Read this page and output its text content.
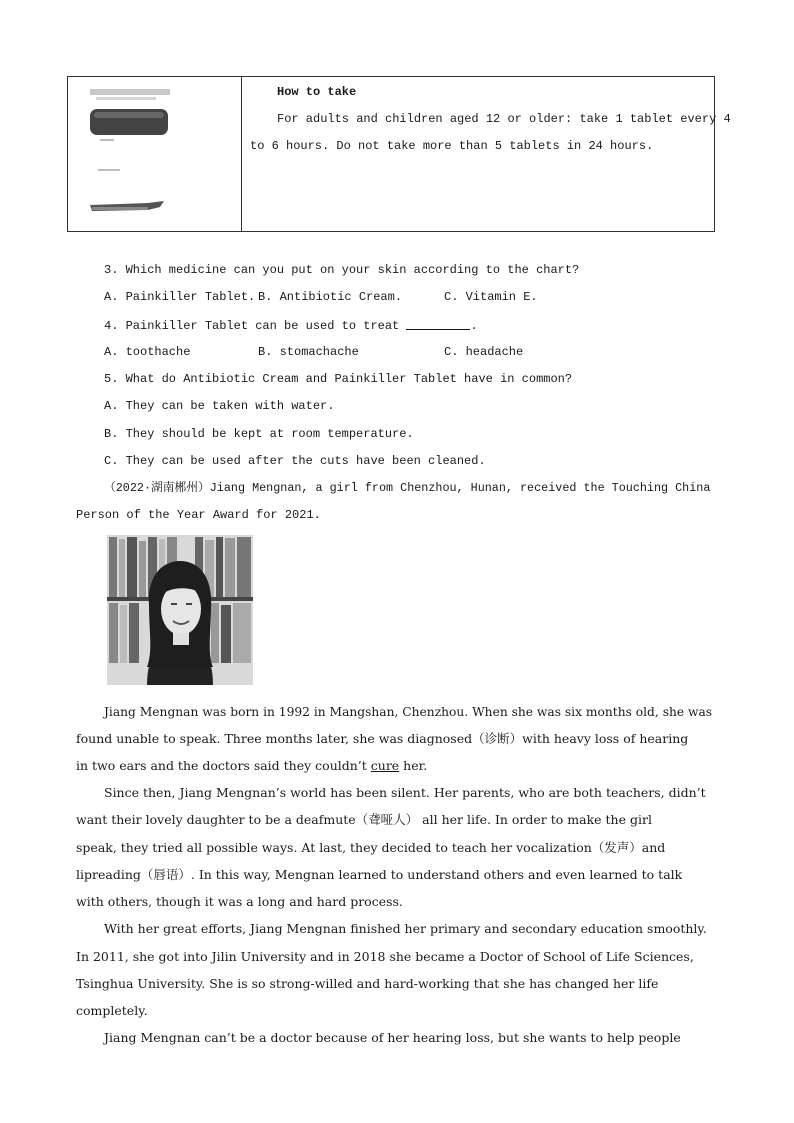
How to take
For adults and children aged 12 or older: take 1 tablet every 4
to 6 hours. Do not take more than 5 tablets in 24 hours.
3. Which medicine can you put on your skin according to the chart?
A. Painkiller Tablet. B. Antibiotic Cream.	C. Vitamin E.
4. Painkiller Tablet can be used to treat	.
A. toothache	B. stomachache	C. headache
5. What do Antibiotic Cream and Painkiller Tablet have in common?
A. They can be taken with water.
B. They should be kept at room temperature.
C. They can be used after the cuts have been cleaned.
（2022·湖南郴州）Jiang Mengnan, a girl from Chenzhou, Hunan, received the Touching China
Person of the Year Award for 2021.
Jiang Mengnan was born in 1992 in Mangshan, Chenzhou. When she was six months old, she was
found unable to speak. Three months later, she was diagnosed（诊断）with heavy loss of hearing
in two ears and the doctors said they couldn’t cure her.
Since then, Jiang Mengnan’s world has been silent. Her parents, who are both teachers, didn’t
want their lovely daughter to be a deafmute（聋哑人） all her life. In order to make the girl
speak, they tried all possible ways. At last, they decided to teach her vocalization（发声）and
lipreading（唇语）. In this way, Mengnan learned to understand others and even learned to talk
with others, though it was a long and hard process.
With her great efforts, Jiang Mengnan finished her primary and secondary education smoothly.
In 2011, she got into Jilin University and in 2018 she became a Doctor of School of Life Sciences,
Tsinghua University. She is so strong-willed and hard-working that she has changed her life
completely.
Jiang Mengnan can’t be a doctor because of her hearing loss, but she wants to help people
